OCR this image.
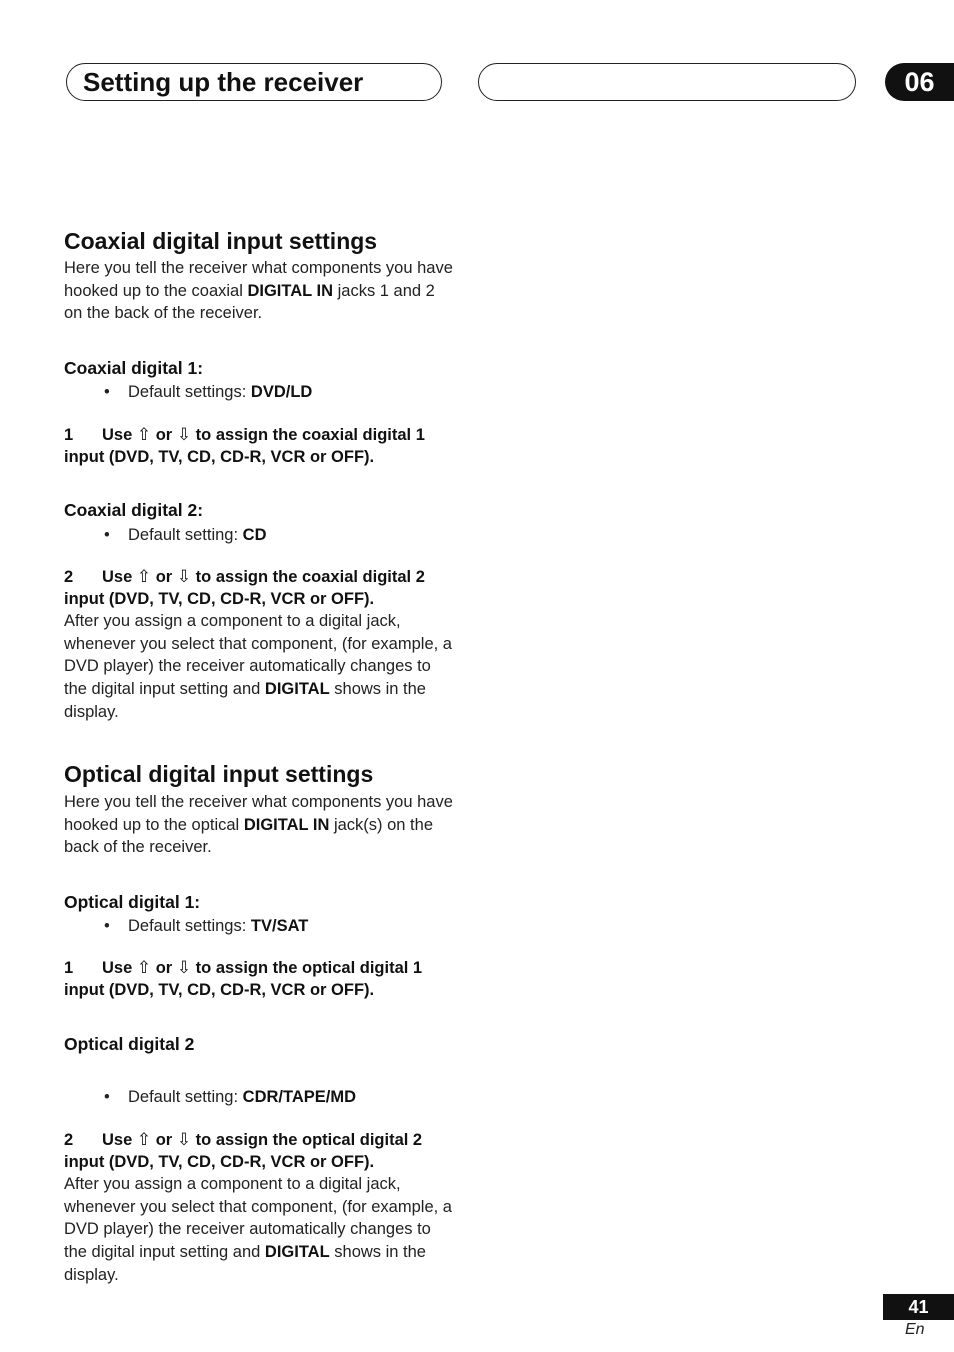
Setting up the receiver	06
Coaxial digital input settings

Here you tell the receiver what components you have hooked up to the coaxial DIGITAL IN jacks 1 and 2 on the back of the receiver.

Coaxial digital 1:
• Default settings: DVD/LD
1 Use ⇧ or ⇩ to assign the coaxial digital 1 input (DVD, TV, CD, CD-R, VCR or OFF).
Coaxial digital 2:
• Default setting: CD
2 Use ⇧ or ⇩ to assign the coaxial digital 2 input (DVD, TV, CD, CD-R, VCR or OFF).

After you assign a component to a digital jack, whenever you select that component, (for example, a DVD player) the receiver automatically changes to the digital input setting and DIGITAL shows in the display.

Optical digital input settings

Here you tell the receiver what components you have hooked up to the optical DIGITAL IN jack(s) on the back of the receiver.

Optical digital 1:
• Default settings: TV/SAT
1 Use ⇧ or ⇩ to assign the optical digital 1 input (DVD, TV, CD, CD-R, VCR or OFF).
Optical digital 2
• Default setting: CDR/TAPE/MD
2 Use ⇧ or ⇩ to assign the optical digital 2 input (DVD, TV, CD, CD-R, VCR or OFF).

After you assign a component to a digital jack, whenever you select that component, (for example, a DVD player) the receiver automatically changes to the digital input setting and DIGITAL shows in the display.

41
En
